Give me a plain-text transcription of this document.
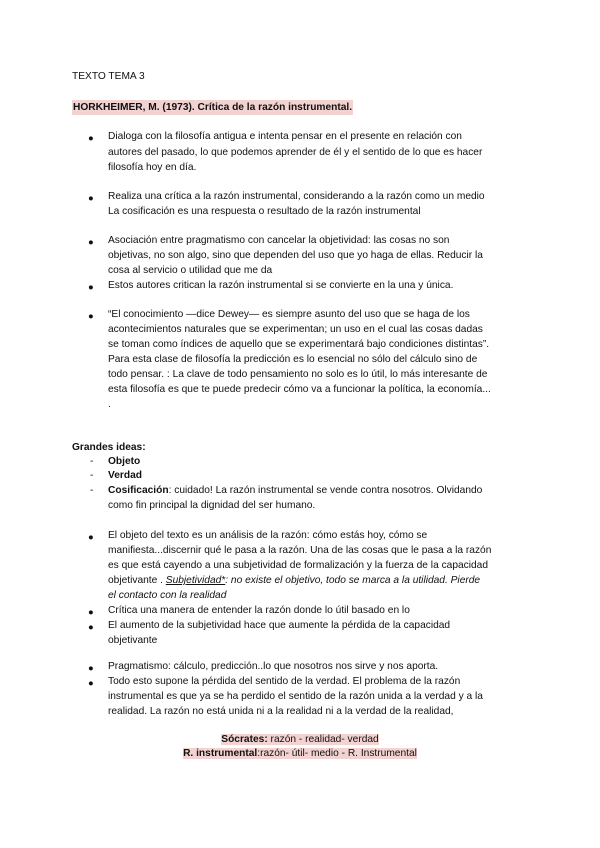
TEXTO TEMA 3
HORKHEIMER, M. (1973). Crítica de la razón instrumental.
● Dialoga con la filosofía antigua e intenta pensar en el presente en relación con
autores del pasado, lo que podemos aprender de él y el sentido de lo que es hacer
filosofía hoy en día.
● Realiza una crítica a la razón instrumental, considerando a la razón como un medio
La cosificación es una respuesta o resultado de la razón instrumental
● Asociación entre pragmatismo con cancelar la objetividad: las cosas no son
objetivas, no son algo, sino que dependen del uso que yo haga de ellas. Reducir la
cosa al servicio o utilidad que me da
● Estos autores critican la razón instrumental si se convierte en la una y única.
● “El conocimiento —dice Dewey— es siempre asunto del uso que se haga de los
acontecimientos naturales que se experimentan; un uso en el cual las cosas dadas
se toman como índices de aquello que se experimentará bajo condiciones distintas”.
Para esta clase de filosofía la predicción es lo esencial no sólo del cálculo sino de
todo pensar. : La clave de todo pensamiento no solo es lo útil, lo más interesante de
esta filosofía es que te puede predecir cómo va a funcionar la política, la economía...
.
Grandes ideas:
- Objeto
- Verdad
- Cosificación: cuidado! La razón instrumental se vende contra nosotros. Olvidando
como fin principal la dignidad del ser humano.
● El objeto del texto es un análisis de la razón: cómo estás hoy, cómo se
manifiesta...discernir qué le pasa a la razón. Una de las cosas que le pasa a la razón
es que está cayendo a una subjetividad de formalización y la fuerza de la capacidad
objetivante . Subjetividad*: no existe el objetivo, todo se marca a la utilidad. Pierde
el contacto con la realidad
● Crítica una manera de entender la razón donde lo útil basado en lo
● El aumento de la subjetividad hace que aumente la pérdida de la capacidad
objetivante
● Pragmatismo: cálculo, predicción..lo que nosotros nos sirve y nos aporta.
● Todo esto supone la pérdida del sentido de la verdad. El problema de la razón
instrumental es que ya se ha perdido el sentido de la razón unida a la verdad y a la
realidad. La razón no está unida ni a la realidad ni a la verdad de la realidad,
Sócrates: razón - realidad- verdad
R. instrumental:razón- útil- medio - R. Instrumental
